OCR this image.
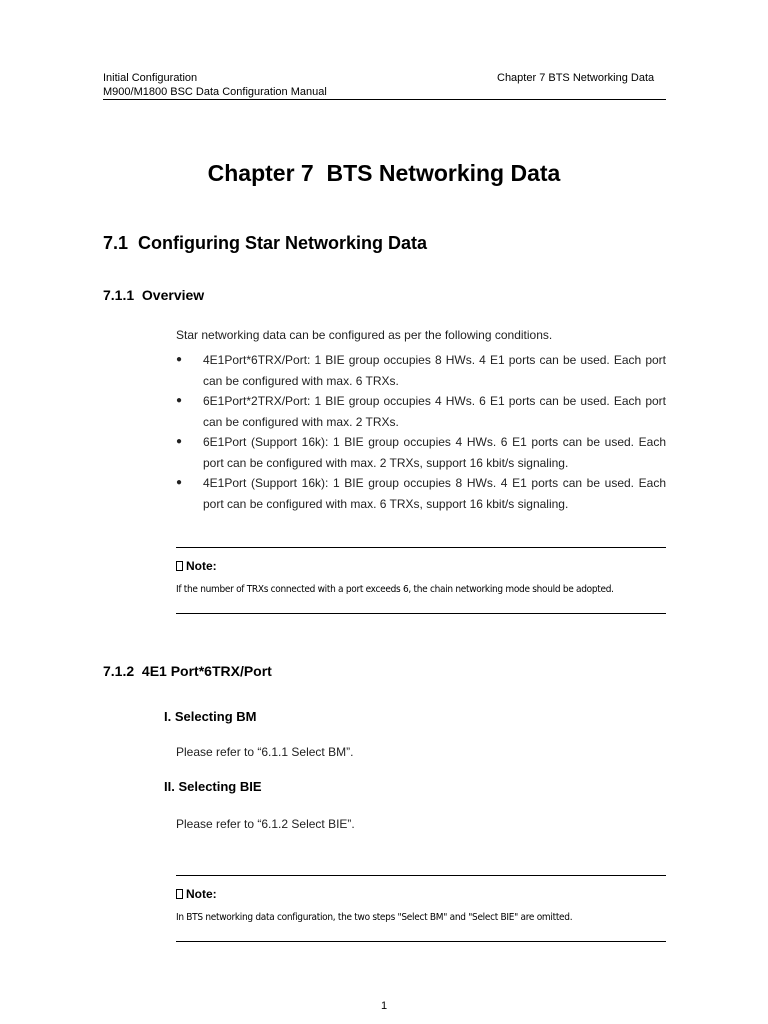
Initial Configuration
M900/M1800 BSC Data Configuration Manual
Chapter 7 BTS Networking Data
Chapter 7  BTS Networking Data
7.1  Configuring Star Networking Data
7.1.1  Overview
Star networking data can be configured as per the following conditions.
● 4E1Port*6TRX/Port: 1 BIE group occupies 8 HWs. 4 E1 ports can be used. Each port can be configured with max. 6 TRXs.
● 6E1Port*2TRX/Port: 1 BIE group occupies 4 HWs. 6 E1 ports can be used. Each port can be configured with max. 2 TRXs.
● 6E1Port (Support 16k): 1 BIE group occupies 4 HWs. 6 E1 ports can be used. Each port can be configured with max. 2 TRXs, support 16 kbit/s signaling.
● 4E1Port (Support 16k): 1 BIE group occupies 8 HWs. 4 E1 ports can be used. Each port can be configured with max. 6 TRXs, support 16 kbit/s signaling.
Note:
If the number of TRXs connected with a port exceeds 6, the chain networking mode should be adopted.
7.1.2  4E1 Port*6TRX/Port
I. Selecting BM
Please refer to “6.1.1 Select BM”.
II. Selecting BIE
Please refer to “6.1.2 Select BIE”.
Note:
In BTS networking data configuration, the two steps "Select BM" and "Select BIE" are omitted.
1
